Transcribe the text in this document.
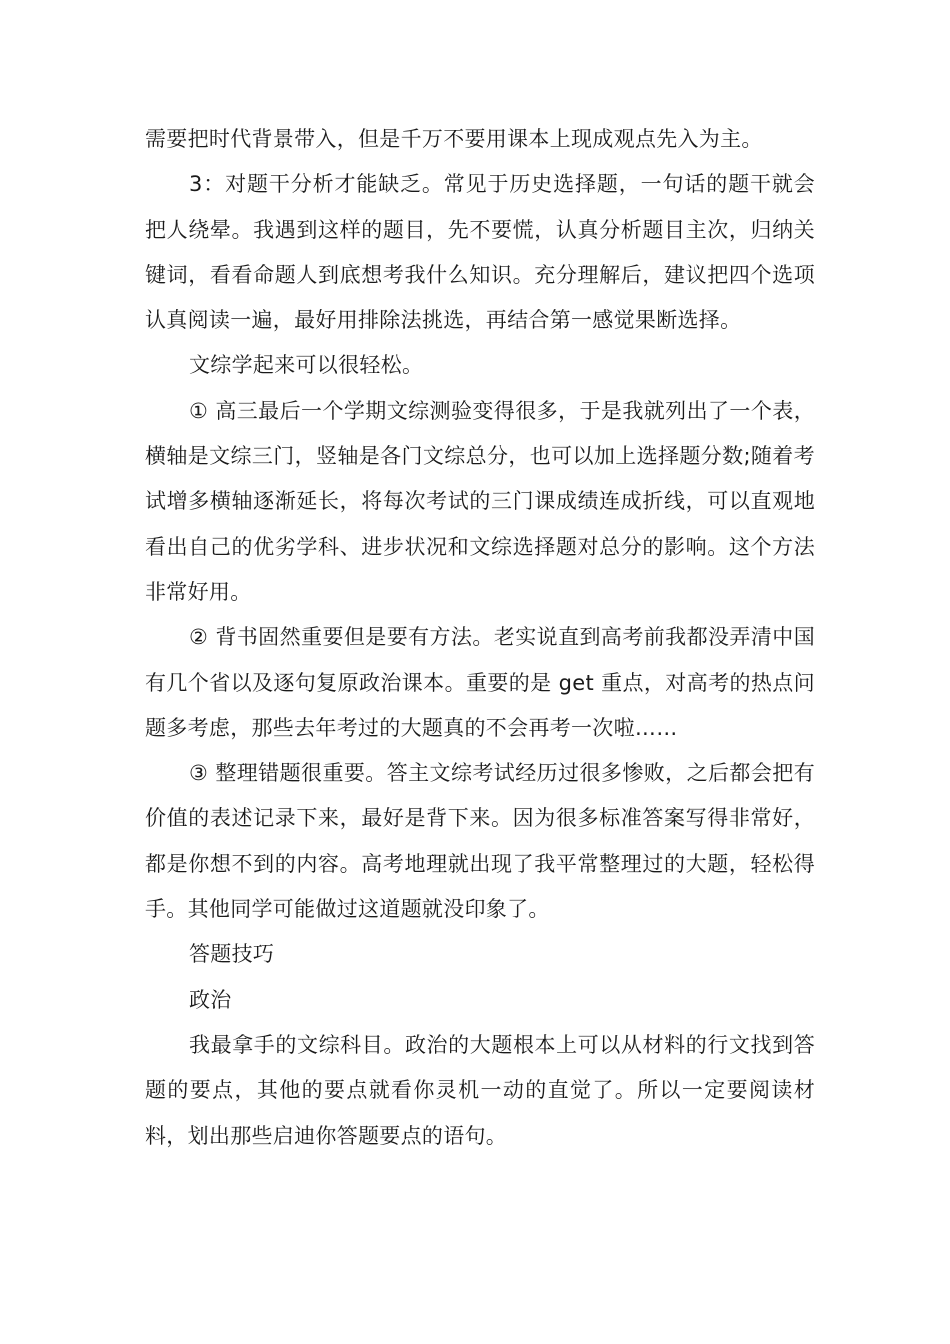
需要把时代背景带入，但是千万不要用课本上现成观点先入为主。

3：对题干分析才能缺乏。常见于历史选择题，一句话的题干就会把人绕晕。我遇到这样的题目，先不要慌，认真分析题目主次，归纳关键词，看看命题人到底想考我什么知识。充分理解后，建议把四个选项认真阅读一遍，最好用排除法挑选，再结合第一感觉果断选择。

文综学起来可以很轻松。

① 高三最后一个学期文综测验变得很多，于是我就列出了一个表，横轴是文综三门，竖轴是各门文综总分，也可以加上选择题分数;随着考试增多横轴逐渐延长，将每次考试的三门课成绩连成折线，可以直观地看出自己的优劣学科、进步状况和文综选择题对总分的影响。这个方法非常好用。

② 背书固然重要但是要有方法。老实说直到高考前我都没弄清中国有几个省以及逐句复原政治课本。重要的是 get 重点，对高考的热点问题多考虑，那些去年考过的大题真的不会再考一次啦……

③ 整理错题很重要。答主文综考试经历过很多惨败，之后都会把有价值的表述记录下来，最好是背下来。因为很多标准答案写得非常好，都是你想不到的内容。高考地理就出现了我平常整理过的大题，轻松得手。其他同学可能做过这道题就没印象了。

答题技巧

政治

我最拿手的文综科目。政治的大题根本上可以从材料的行文找到答题的要点，其他的要点就看你灵机一动的直觉了。所以一定要阅读材料，划出那些启迪你答题要点的语句。
